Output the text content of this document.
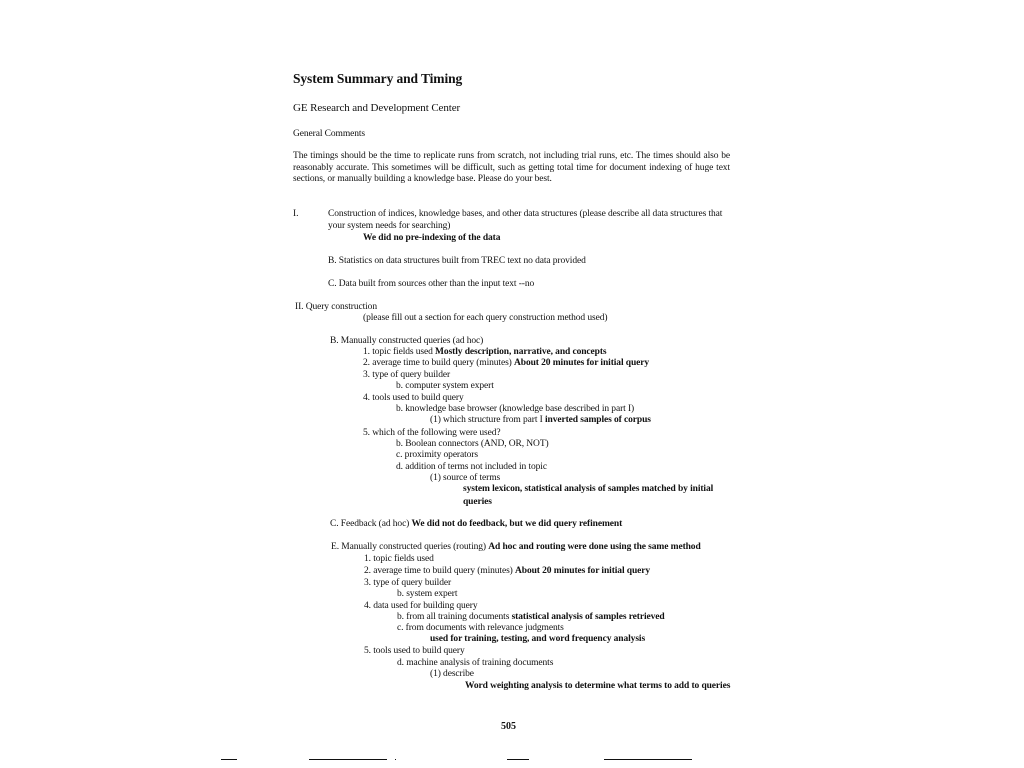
System Summary and Timing
GE Research and Development Center
General Comments
The timings should be the time to replicate runs from scratch, not including trial runs, etc. The times should also be reasonably accurate. This sometimes will be difficult, such as getting total time for document indexing of huge text sections, or manually building a knowledge base. Please do your best.
I.	Construction of indices, knowledge bases, and other data structures (please describe all data structures that
your system needs for searching)
We did no pre-indexing of the data
B. Statistics on data structures built from TREC text no data provided
C. Data built from sources other than the input text --no
II. Query construction
(please fill out a section for each query construction method used)
B. Manually constructed queries (ad hoc)
1. topic fields used Mostly description, narrative, and concepts
2. average time to build query (minutes) About 20 minutes for initial query
3. type of query builder
b. computer system expert
4. tools used to build query
b. knowledge base browser (knowledge base described in part I)
(1) which structure from part I inverted samples of corpus
5. which of the following were used?
b. Boolean connectors (AND, OR, NOT)
c. proximity operators
d. addition of terms not included in topic
(1) source of terms
system lexicon, statistical analysis of samples matched by initial
queries
C. Feedback (ad hoc) We did not do feedback, but we did query refinement
E. Manually constructed queries (routing) Ad hoc and routing were done using the same method
1. topic fields used
2. average time to build query (minutes) About 20 minutes for initial query
3. type of query builder
b. system expert
4. data used for building query
b. from all training documents statistical analysis of samples retrieved
c. from documents with relevance judgments
used for training, testing, and word frequency analysis
5. tools used to build query
d. machine analysis of training documents
(1) describe
Word weighting analysis to determine what terms to add to queries
505
